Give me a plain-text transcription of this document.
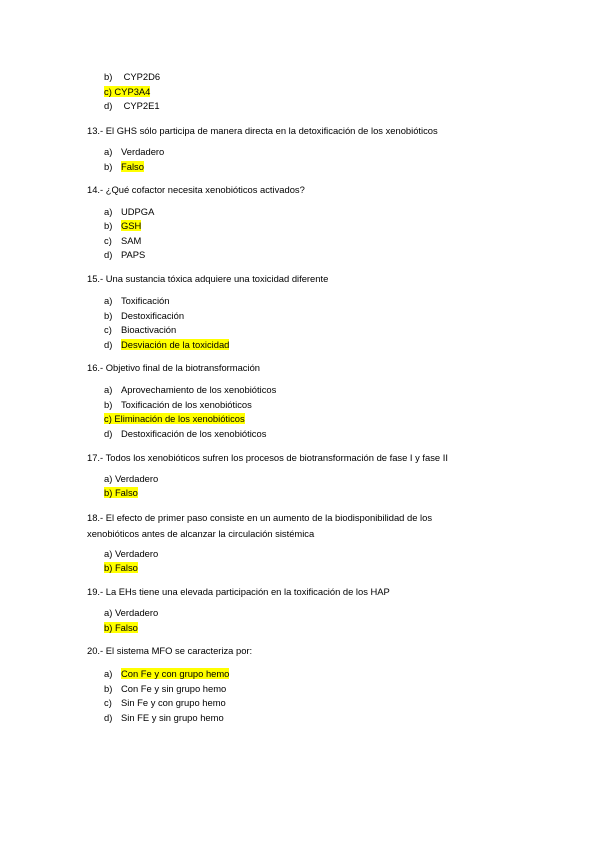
b) CYP2D6
c) CYP3A4
d) CYP2E1
13.- El GHS sólo participa de manera directa en la detoxificación de los xenobióticos
a) Verdadero
b) Falso
14.- ¿Qué cofactor necesita xenobióticos activados?
a) UDPGA
b) GSH
c) SAM
d) PAPS
15.- Una sustancia tóxica adquiere una toxicidad diferente
a) Toxificación
b) Destoxificación
c) Bioactivación
d) Desviación de la toxicidad
16.- Objetivo final de la biotransformación
a) Aprovechamiento de los xenobióticos
b) Toxificación de los xenobióticos
c) Eliminación de los xenobióticos
d) Destoxificación de los xenobióticos
17.- Todos los xenobióticos sufren los procesos de biotransformación de fase I y fase II
a) Verdadero
b) Falso
18.- El efecto de primer paso consiste en un aumento de la biodisponibilidad de los xenobióticos antes de alcanzar la circulación sistémica
a) Verdadero
b) Falso
19.- La EHs tiene una elevada participación en la toxificación de los HAP
a) Verdadero
b) Falso
20.- El sistema MFO se caracteriza por:
a) Con Fe y con grupo hemo
b) Con Fe y sin grupo hemo
c) Sin Fe y con grupo hemo
d) Sin FE y sin grupo hemo
